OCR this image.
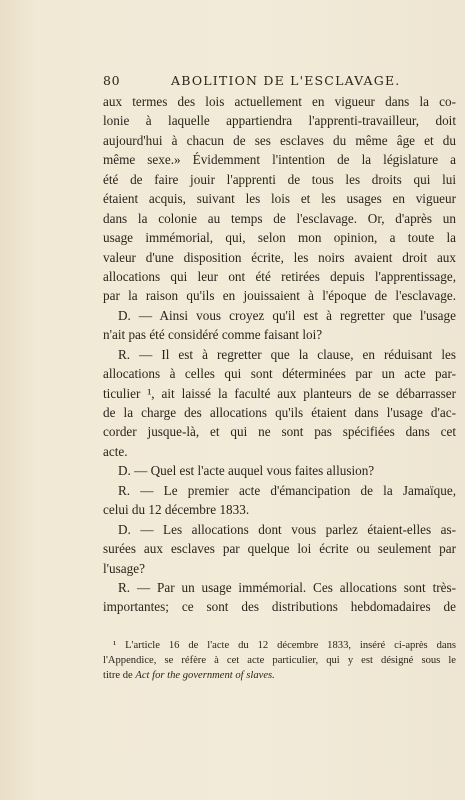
80	ABOLITION DE L'ESCLAVAGE.
aux termes des lois actuellement en vigueur dans la co-
lonie à laquelle appartiendra l'apprenti-travailleur, doit
aujourd'hui à chacun de ses esclaves du même âge et du
même sexe.» Évidemment l'intention de la législature a
été de faire jouir l'apprenti de tous les droits qui lui
étaient acquis, suivant les lois et les usages en vigueur
dans la colonie au temps de l'esclavage. Or, d'après un
usage immémorial, qui, selon mon opinion, a toute la
valeur d'une disposition écrite, les noirs avaient droit aux
allocations qui leur ont été retirées depuis l'apprentissage,
par la raison qu'ils en jouissaient à l'époque de l'esclavage.
D. — Ainsi vous croyez qu'il est à regretter que l'usage
n'ait pas été considéré comme faisant loi?
R. — Il est à regretter que la clause, en réduisant les
allocations à celles qui sont déterminées par un acte par-
ticulier ¹, ait laissé la faculté aux planteurs de se débarrasser
de la charge des allocations qu'ils étaient dans l'usage d'ac-
corder jusque-là, et qui ne sont pas spécifiées dans cet
acte.
D. — Quel est l'acte auquel vous faites allusion?
R. — Le premier acte d'émancipation de la Jamaïque,
celui du 12 décembre 1833.
D. — Les allocations dont vous parlez étaient-elles as-
surées aux esclaves par quelque loi écrite ou seulement par
l'usage?
R. — Par un usage immémorial. Ces allocations sont très-
importantes; ce sont des distributions hebdomadaires de
¹ L'article 16 de l'acte du 12 décembre 1833, inséré ci-après dans
l'Appendice, se réfère à cet acte particulier, qui y est désigné sous le
titre de Act for the government of slaves.
